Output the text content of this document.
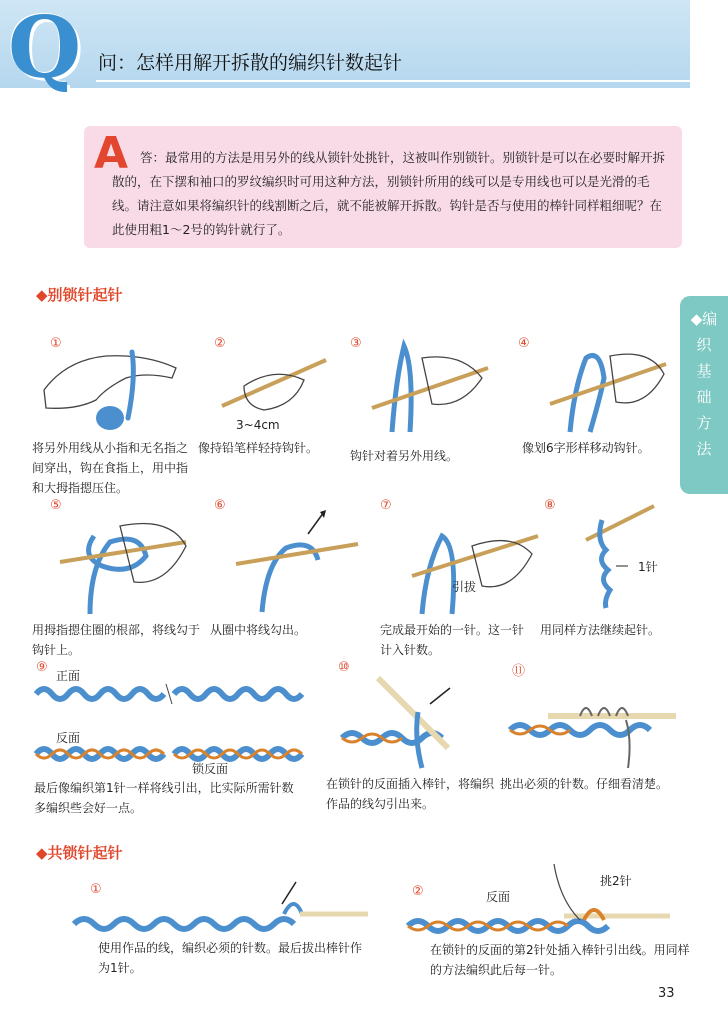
Q 问：怎样用解开拆散的编织针数起针
A 答：最常用的方法是用另外的线从锁针处挑针，这被叫作别锁针。别锁针是可以在必要时解开拆散的，在下摆和袖口的罗纹编织时可用这种方法，别锁针所用的线可以是专用线也可以是光滑的毛线。请注意如果将编织针的线割断之后，就不能被解开拆散。钩针是否与使用的棒针同样粗细呢？在此使用粗1～2号的钩针就行了。
◆编织基础方法
◆别锁针起针
①	②
3~4cm
③	④
将另外用线从小指和无名指之间穿出，钩在食指上，用中指和大拇指摁压住。
像持铅笔样轻持钩针。
钩针对着另外用线。
像划6字形样移动钩针。
⑤	⑥	⑦
引拔
⑧
1针
用拇指摁住圈的根部，将线勾于钩针上。
从圈中将线勾出。	完成最开始的一针。这一针计入针数。
用同样方法继续起针。
⑨
正面
反面
锁反面
最后像编织第1针一样将线引出，比实际所需针数多编织些会好一点。
⑩
在锁针的反面插入棒针，将编织作品的线勾引出来。
⑪
挑出必须的针数。仔细看清楚。
◆共锁针起针
①
使用作品的线，编织必须的针数。最后拔出棒针作为1针。
②	反面
挑2针
在锁针的反面的第2针处插入棒针引出线。用同样的方法编织此后每一针。
33
